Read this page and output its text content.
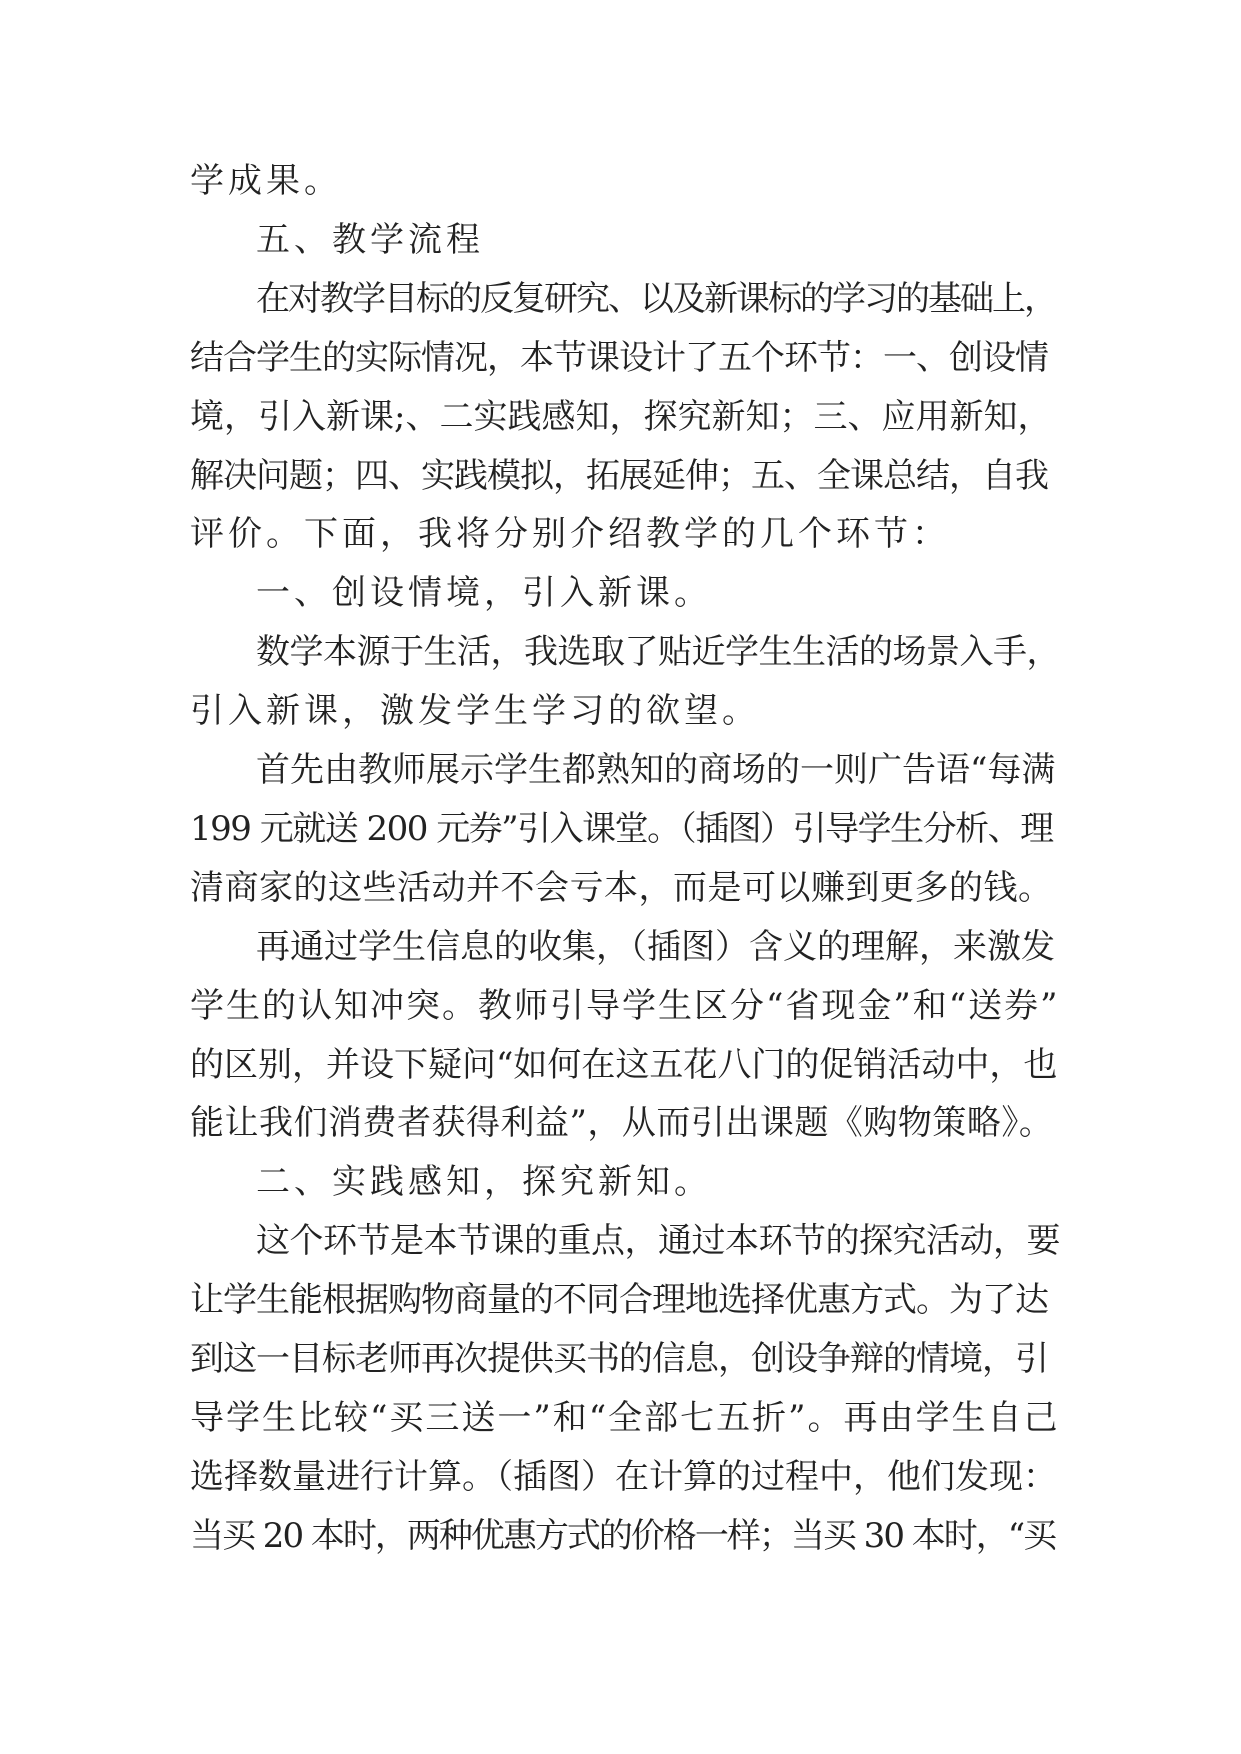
学成果。
五、教学流程
在对教学目标的反复研究、以及新课标的学习的基础上，
结合学生的实际情况，本节课设计了五个环节：一、创设情
境，引入新课;、二实践感知，探究新知；三、应用新知，
解决问题；四、实践模拟，拓展延伸；五、全课总结，自我
评价。下面，我将分别介绍教学的几个环节：
一、创设情境，引入新课。
数学本源于生活，我选取了贴近学生生活的场景入手，
引入新课，激发学生学习的欲望。
首先由教师展示学生都熟知的商场的一则广告语“每满
199 元就送 200 元券”引入课堂。（插图）引导学生分析、理
清商家的这些活动并不会亏本，而是可以赚到更多的钱。
再通过学生信息的收集，（插图）含义的理解，来激发
学生的认知冲突。教师引导学生区分“省现金”和“送券”
的区别，并设下疑问“如何在这五花八门的促销活动中，也
能让我们消费者获得利益”，从而引出课题《购物策略》。
二、实践感知，探究新知。
这个环节是本节课的重点，通过本环节的探究活动，要
让学生能根据购物商量的不同合理地选择优惠方式。为了达
到这一目标老师再次提供买书的信息，创设争辩的情境，引
导学生比较“买三送一”和“全部七五折”。再由学生自己
选择数量进行计算。（插图）在计算的过程中，他们发现：
当买 20 本时，两种优惠方式的价格一样；当买 30 本时，“买
